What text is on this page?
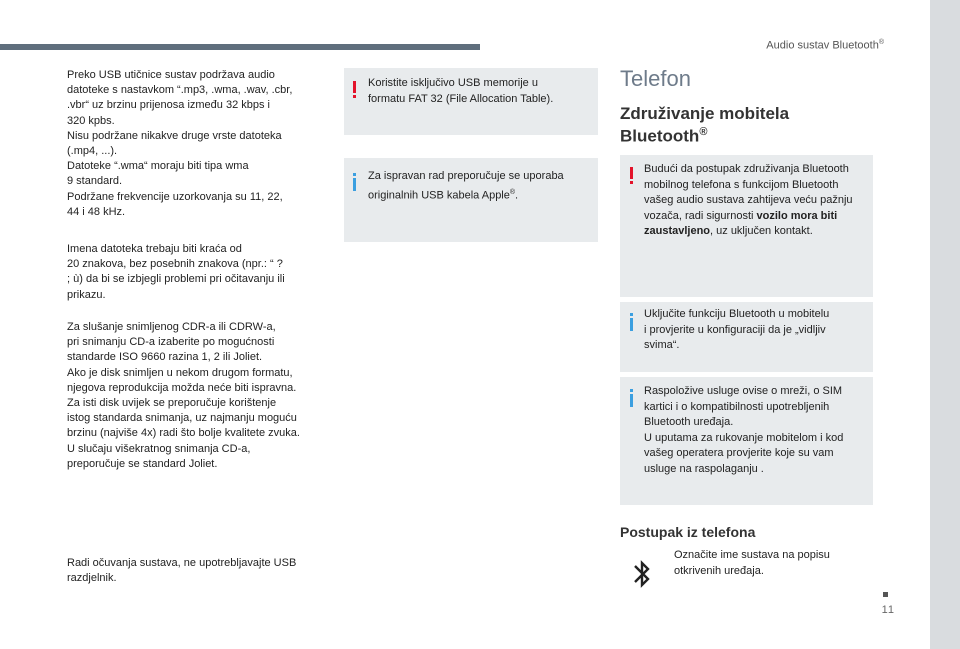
Audio sustav Bluetooth®
11

Preko USB utičnice sustav podržava audio
datoteke s nastavkom “.mp3, .wma, .wav, .cbr,
.vbr“ uz brzinu prijenosa između 32 kbps i
320 kpbs.
Nisu podržane nikakve druge vrste datoteka
(.mp4, ...).
Datoteke “.wma“ moraju biti tipa wma
9 standard.
Podržane frekvencije uzorkovanja su 11, 22,
44 i 48 kHz.

Imena datoteka trebaju biti kraća od
20 znakova, bez posebnih znakova (npr.: “ ?
; ù) da bi se izbjegli problemi pri očitavanju ili
prikazu.

Za slušanje snimljenog CDR-a ili CDRW-a,
pri snimanju CD-a izaberite po mogućnosti
standarde ISO 9660 razina 1, 2 ili Joliet.
Ako je disk snimljen u nekom drugom formatu,
njegova reprodukcija možda neće biti ispravna.
Za isti disk uvijek se preporučuje korištenje
istog standarda snimanja, uz najmanju moguću
brzinu (najviše 4x) radi što bolje kvalitete zvuka.
U slučaju višekratnog snimanja CD-a,
preporučuje se standard Joliet.

Radi očuvanja sustava, ne upotrebljavajte USB
razdjelnik.

Koristite isključivo USB memorije u
formatu FAT 32 (File Allocation Table).
Za ispravan rad preporučuje se uporaba
originalnih USB kabela Apple®.
Telefon
Združivanje mobitela Bluetooth®
Budući da postupak združivanja Bluetooth
mobilnog telefona s funkcijom Bluetooth
vašeg audio sustava zahtijeva veću pažnju
vozača, radi sigurnosti vozilo mora biti
zaustavljeno, uz uključen kontakt.
Uključite funkciju Bluetooth u mobitelu
i provjerite u konfiguraciji da je „vidljiv
svima“.
Raspoložive usluge ovise o mreži, o SIM
kartici i o kompatibilnosti upotrebljenih
Bluetooth uređaja.
U uputama za rukovanje mobitelom i kod
vašeg operatera provjerite koje su vam
usluge na raspolaganju .
Postupak iz telefona
Označite ime sustava na popisu
otkrivenih uređaja.
